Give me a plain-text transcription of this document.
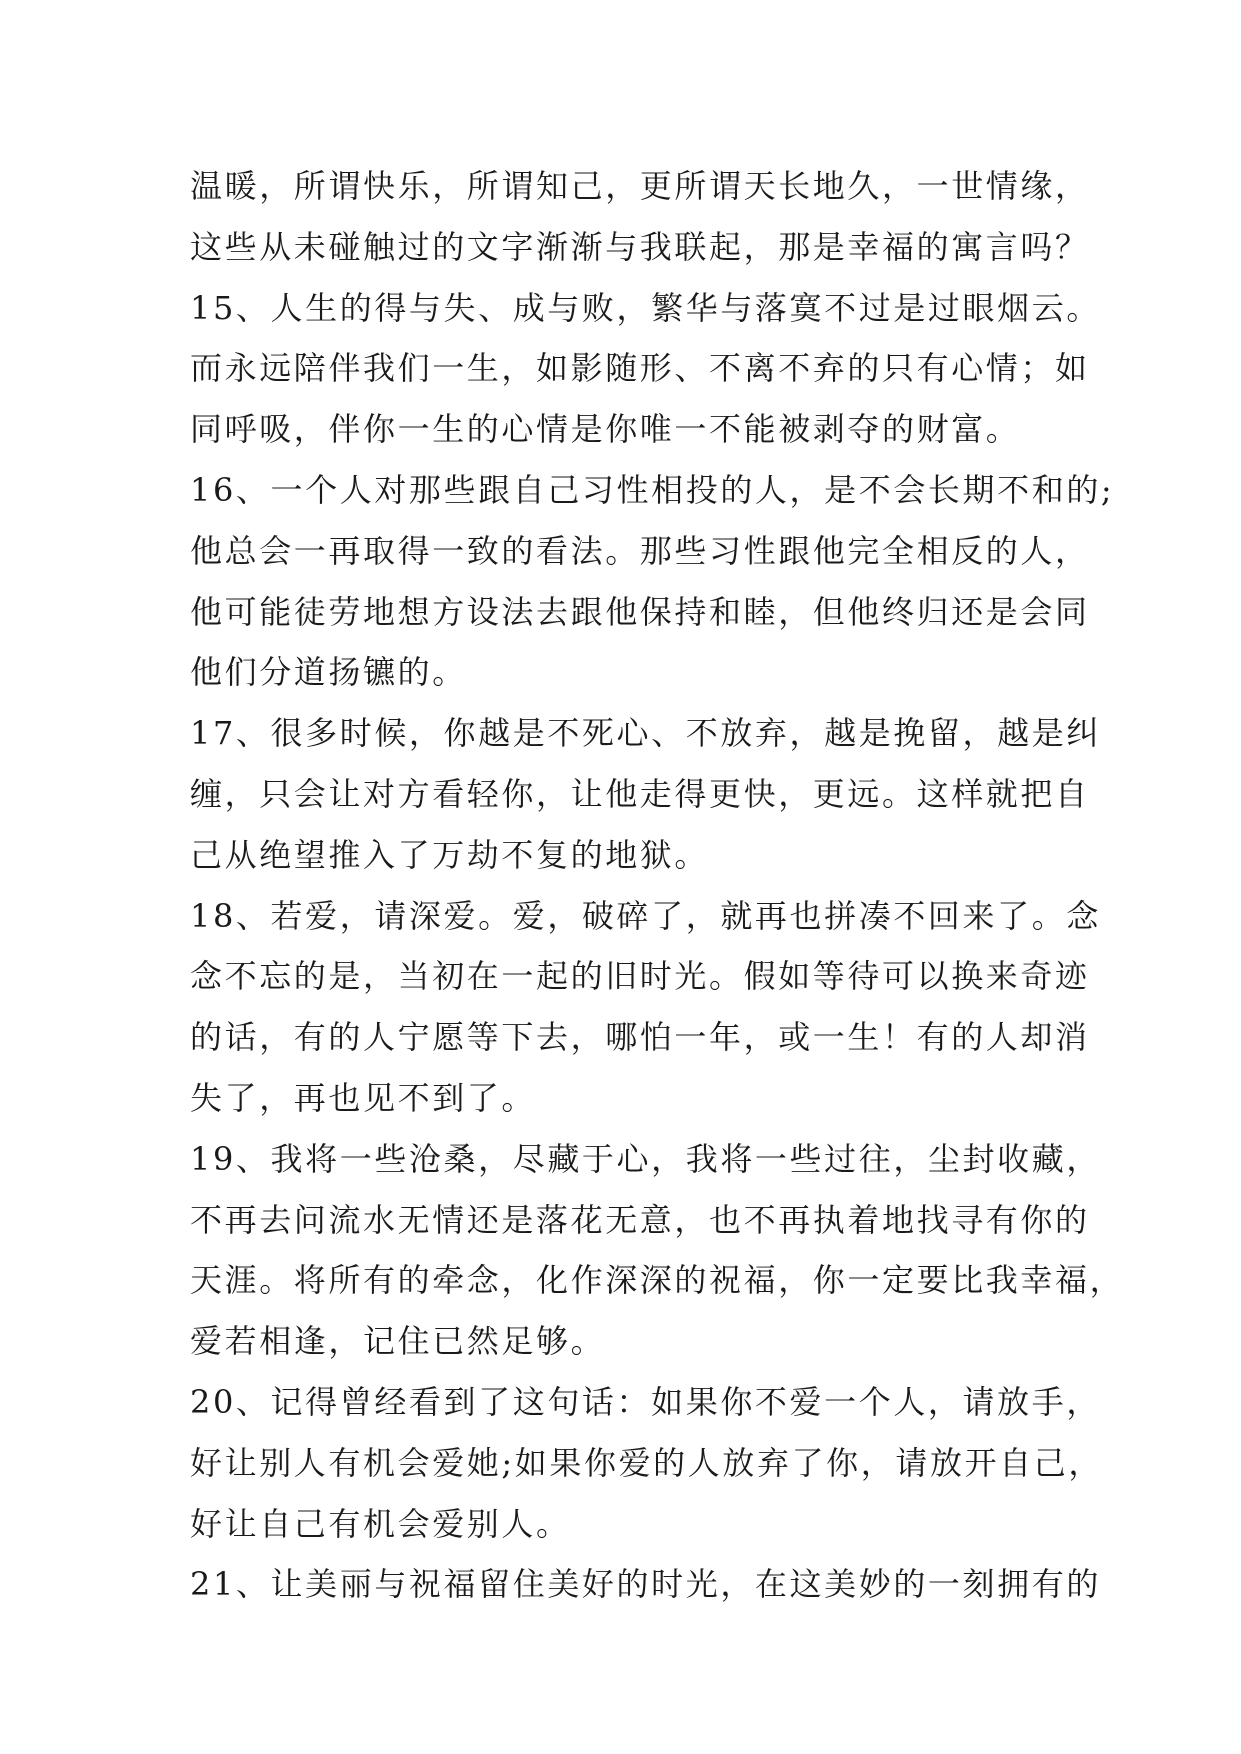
温暖，所谓快乐，所谓知己，更所谓天长地久，一世情缘，
这些从未碰触过的文字渐渐与我联起，那是幸福的寓言吗？
15、人生的得与失、成与败，繁华与落寞不过是过眼烟云。
而永远陪伴我们一生，如影随形、不离不弃的只有心情；如
同呼吸，伴你一生的心情是你唯一不能被剥夺的财富。
16、一个人对那些跟自己习性相投的人，是不会长期不和的;
他总会一再取得一致的看法。那些习性跟他完全相反的人，
他可能徒劳地想方设法去跟他保持和睦，但他终归还是会同
他们分道扬镳的。
17、很多时候，你越是不死心、不放弃，越是挽留，越是纠
缠，只会让对方看轻你，让他走得更快，更远。这样就把自
己从绝望推入了万劫不复的地狱。
18、若爱，请深爱。爱，破碎了，就再也拼凑不回来了。念
念不忘的是，当初在一起的旧时光。假如等待可以换来奇迹
的话，有的人宁愿等下去，哪怕一年，或一生！有的人却消
失了，再也见不到了。
19、我将一些沧桑，尽藏于心，我将一些过往，尘封收藏，
不再去问流水无情还是落花无意，也不再执着地找寻有你的
天涯。将所有的牵念，化作深深的祝福，你一定要比我幸福，
爱若相逢，记住已然足够。
20、记得曾经看到了这句话：如果你不爱一个人，请放手，
好让别人有机会爱她;如果你爱的人放弃了你，请放开自己，
好让自己有机会爱别人。
21、让美丽与祝福留住美好的时光，在这美妙的一刻拥有的
